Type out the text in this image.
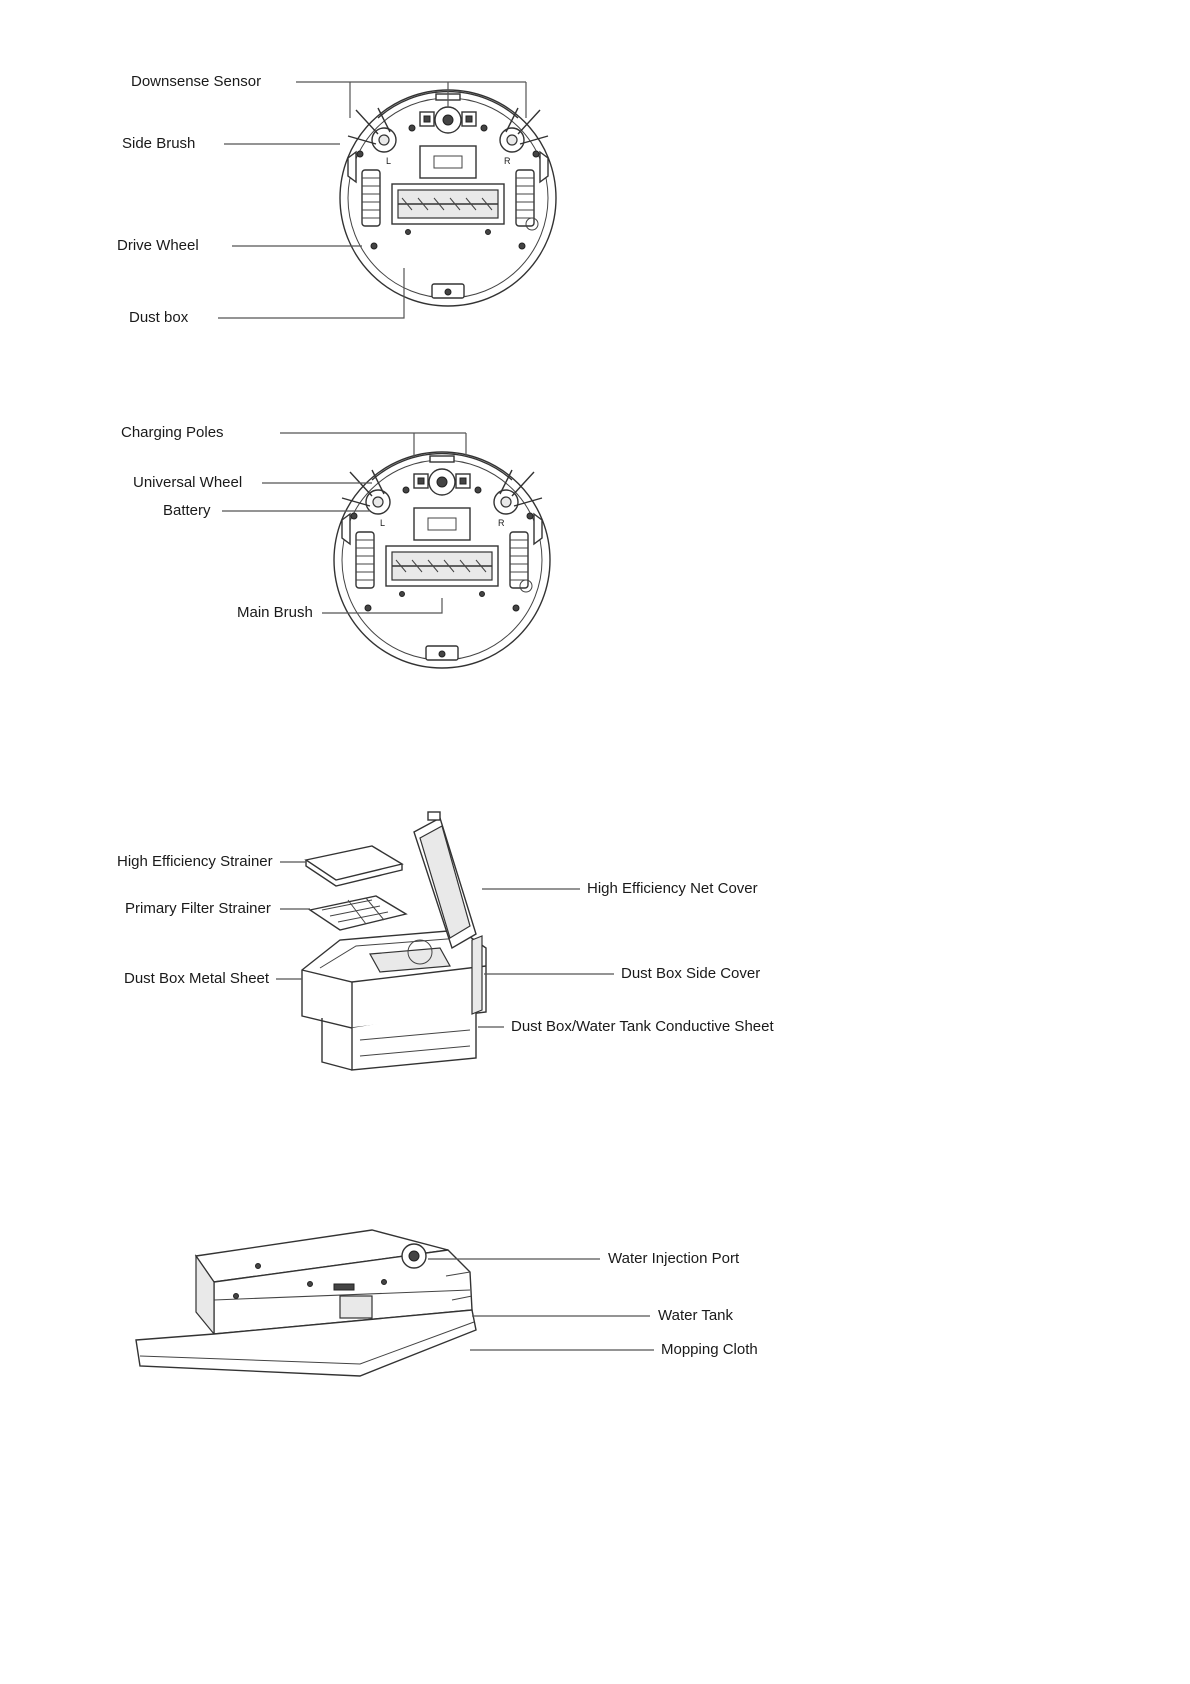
Downsense Sensor
Side Brush
Drive Wheel
Dust box
Charging Poles
Universal Wheel
Battery
Main Brush
High Efficiency Strainer
Primary Filter Strainer
Dust Box Metal Sheet
High Efficiency Net Cover
Dust Box Side Cover
Dust Box/Water Tank Conductive Sheet
Water Injection Port
Water Tank
Mopping Cloth
